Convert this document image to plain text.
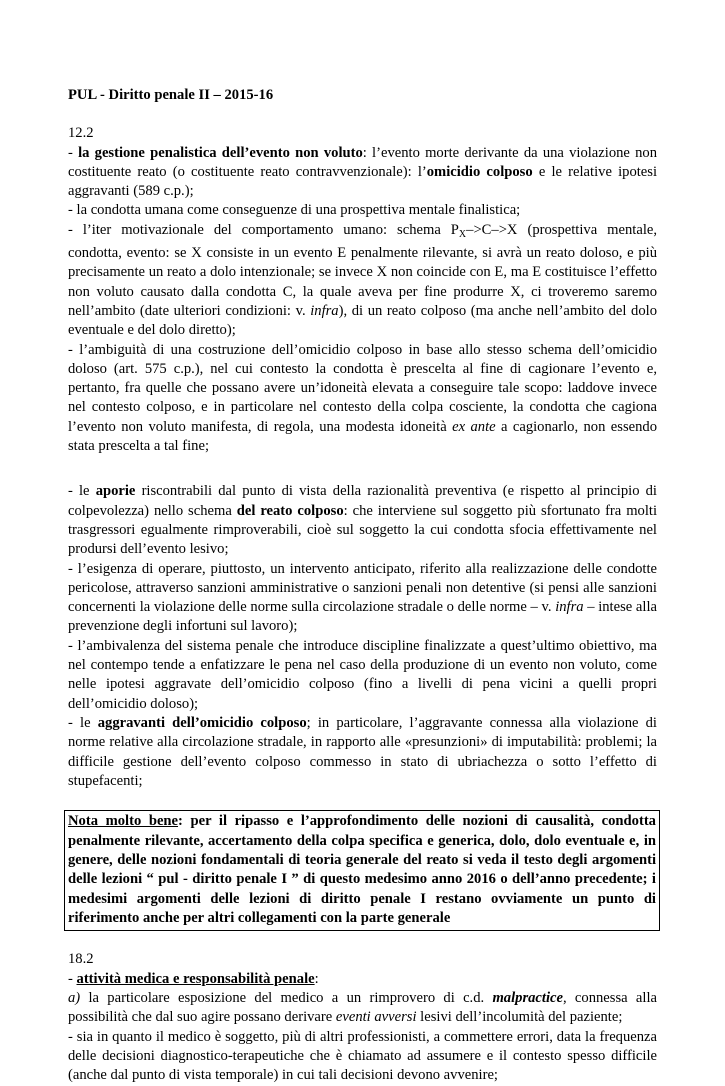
PUL - Diritto penale II – 2015-16
12.2
- la gestione penalistica dell’evento non voluto: l’evento morte derivante da una violazione non costituente reato (o costituente reato contravvenzionale): l’omicidio colposo e le relative ipotesi aggravanti (589 c.p.);
- la condotta umana come conseguenze di una prospettiva mentale finalistica;
- l’iter motivazionale del comportamento umano: schema $P_X->C->X$ (prospettiva mentale, condotta, evento: se X consiste in un evento E penalmente rilevante, si avrà un reato doloso, e più precisamente un reato a dolo intenzionale; se invece X non coincide con E, ma E costituisce l’effetto non voluto causato dalla condotta C, la quale aveva per fine produrre X, ci troveremo saremo nell’ambito (date ulteriori condizioni: v. infra), di un reato colposo (ma anche nell’ambito del dolo eventuale e del dolo diretto);
- l’ambiguità di una costruzione dell’omicidio colposo in base allo stesso schema dell’omicidio doloso (art. 575 c.p.), nel cui contesto la condotta è prescelta al fine di cagionare l’evento e, pertanto, fra quelle che possano avere un’idoneità elevata a conseguire tale scopo: laddove invece nel contesto colposo, e in particolare nel contesto della colpa cosciente, la condotta che cagiona l’evento non voluto manifesta, di regola, una modesta idoneità ex ante a cagionarlo, non essendo stata prescelta a tal fine;
- le aporie riscontrabili dal punto di vista della razionalità preventiva (e rispetto al principio di colpevolezza) nello schema del reato colposo: che interviene sul soggetto più sfortunato fra molti trasgressori egualmente rimproverabili, cioè sul soggetto la cui condotta sfocia effettivamente nel prodursi dell’evento lesivo;
- l’esigenza di operare, piuttosto, un intervento anticipato, riferito alla realizzazione delle condotte pericolose, attraverso sanzioni amministrative o sanzioni penali non detentive (si pensi alle sanzioni concernenti la violazione delle norme sulla circolazione stradale o delle norme – v. infra – intese alla prevenzione degli infortuni sul lavoro);
- l’ambivalenza del sistema penale che introduce discipline finalizzate a quest’ultimo obiettivo, ma nel contempo tende a enfatizzare le pena nel caso della produzione di un evento non voluto, come nelle ipotesi aggravate dell’omicidio colposo (fino a livelli di pena vicini a quelli propri dell’omicidio doloso);
- le aggravanti dell’omicidio colposo; in particolare, l’aggravante connessa alla violazione di norme relative alla circolazione stradale, in rapporto alle «presunzioni» di imputabilità: problemi; la difficile gestione dell’evento colposo commesso in stato di ubriachezza o sotto l’effetto di stupefacenti;
Nota molto bene: per il ripasso e l’approfondimento delle nozioni di causalità, condotta penalmente rilevante, accertamento della colpa specifica e generica, dolo, dolo eventuale e, in genere, delle nozioni fondamentali di teoria generale del reato si veda il testo degli argomenti delle lezioni “ pul - diritto penale I ” di questo medesimo anno 2016 o dell’anno precedente; i medesimi argomenti delle lezioni di diritto penale I restano ovviamente un punto di riferimento anche per altri collegamenti con la parte generale
18.2
- attività medica e responsabilità penale:
a) la particolare esposizione del medico a un rimprovero di c.d. malpractice, connessa alla possibilità che dal suo agire possano derivare eventi avversi lesivi dell’incolumità del paziente;
- sia in quanto il medico è soggetto, più di altri professionisti, a commettere errori, data la frequenza delle decisioni diagnostico-terapeutiche che è chiamato ad assumere e il contesto spesso difficile (anche dal punto di vista temporale) in cui tali decisioni devono avvenire;
